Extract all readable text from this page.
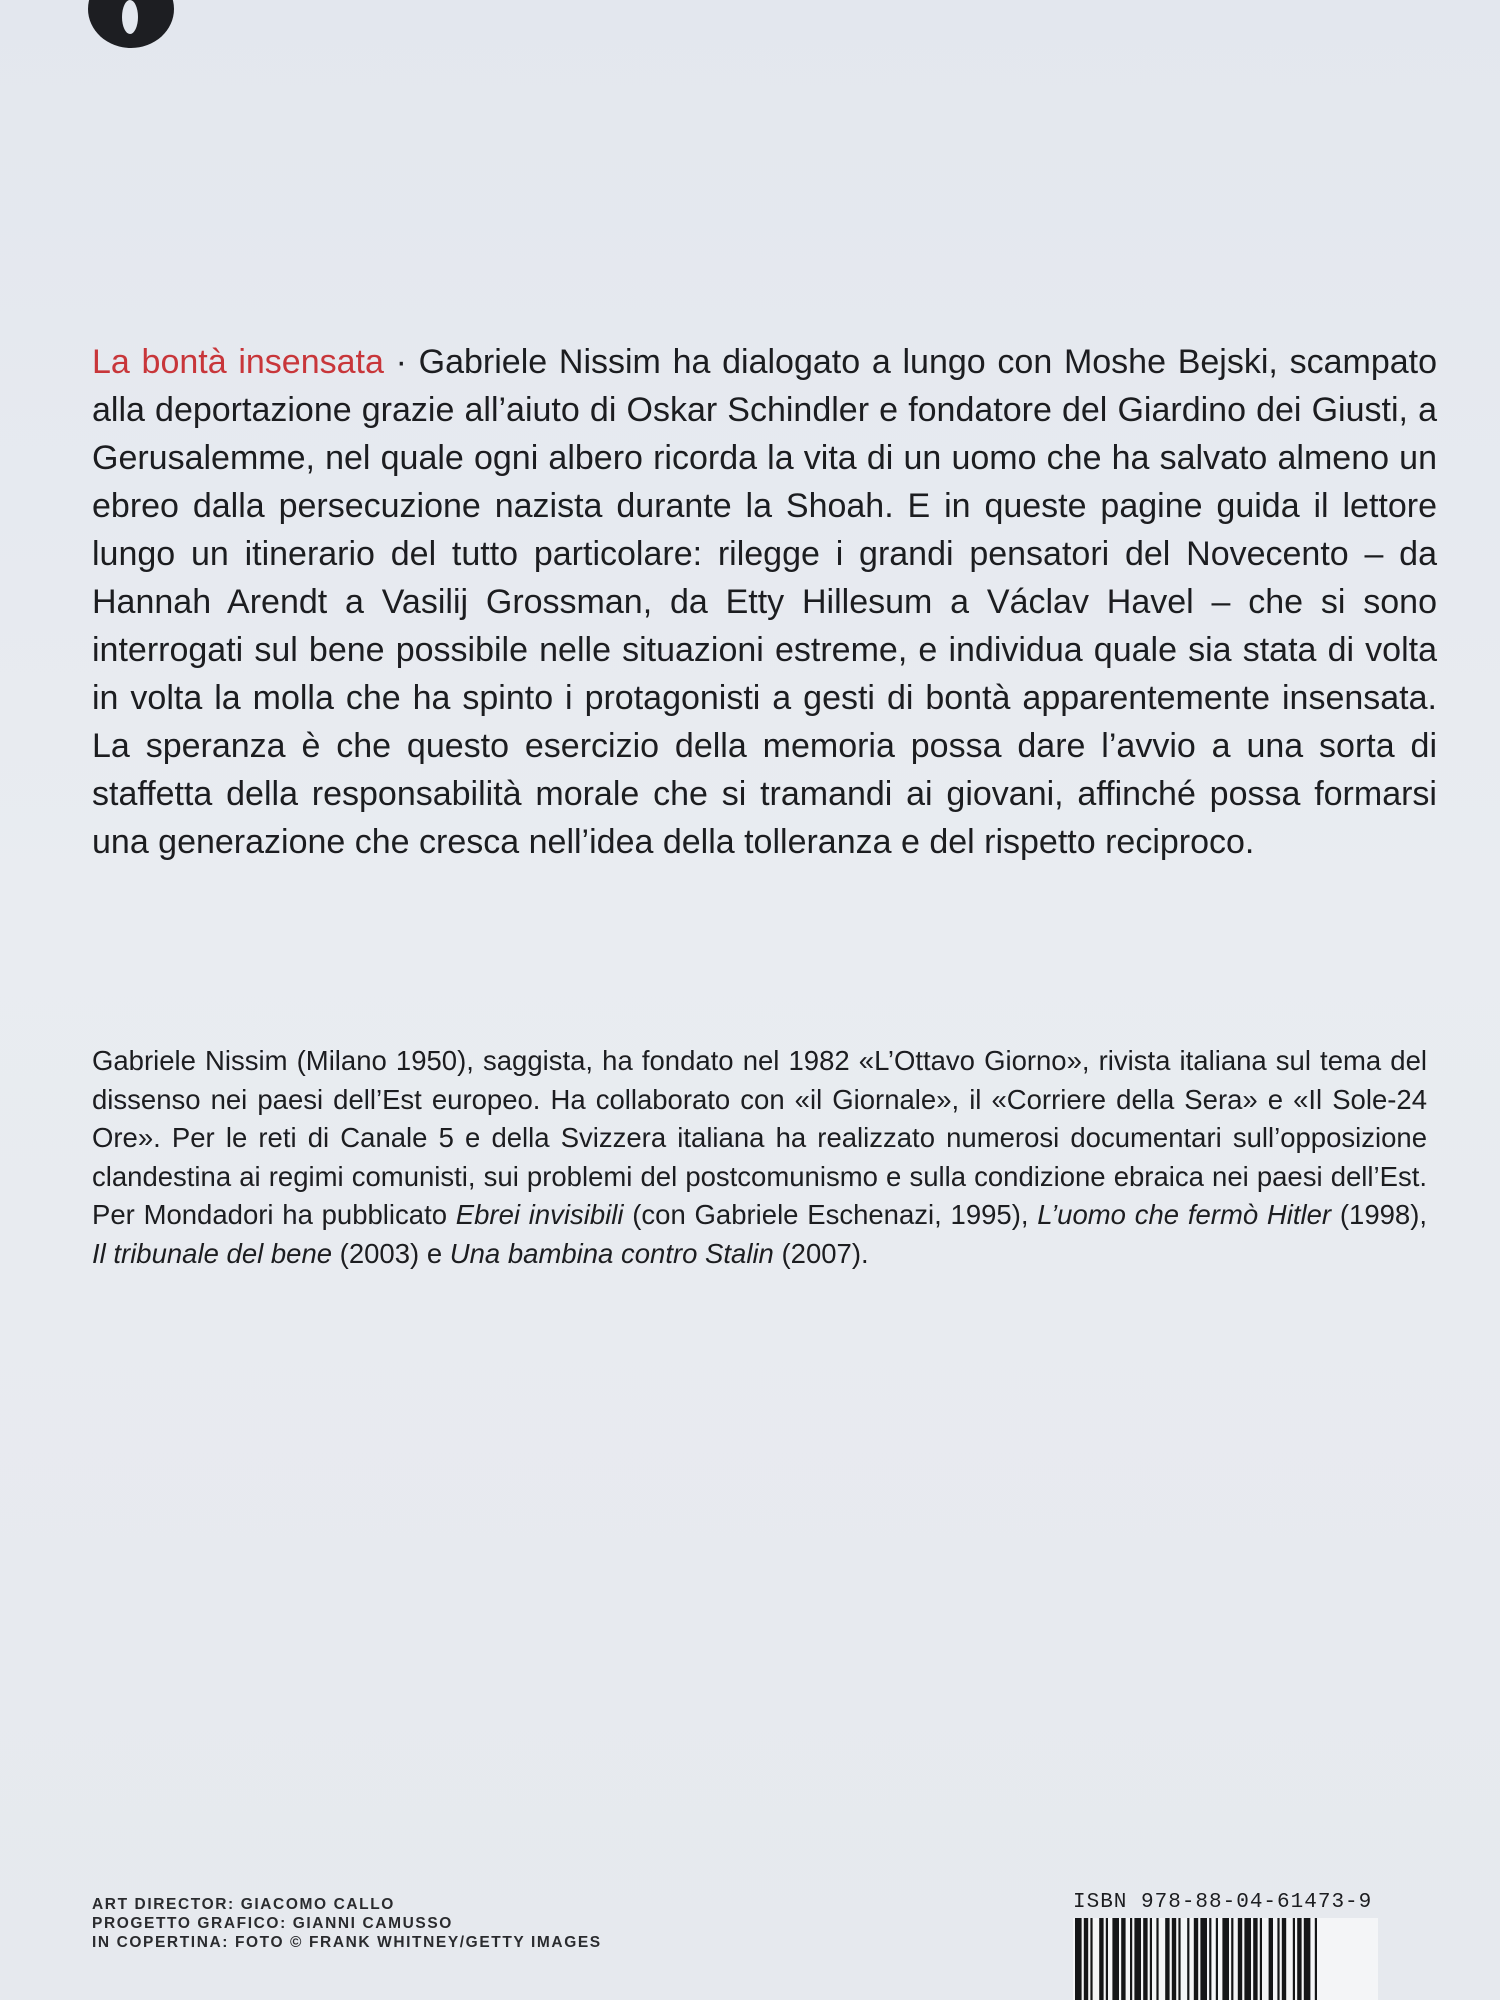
La bontà insensata · Gabriele Nissim ha dialogato a lungo con Moshe Bejski, scampato alla deportazione grazie all’aiuto di Oskar Schindler e fondatore del Giardino dei Giusti, a Gerusalemme, nel quale ogni albero ricorda la vita di un uomo che ha salvato almeno un ebreo dalla persecuzione nazista durante la Shoah. E in queste pagine guida il lettore lungo un itinerario del tutto particolare: rilegge i grandi pensatori del Novecento – da Hannah Arendt a Vasilij Grossman, da Etty Hillesum a Václav Havel – che si sono interrogati sul bene possibile nelle situazioni estreme, e individua quale sia stata di volta in volta la molla che ha spinto i protagonisti a gesti di bontà apparentemente insensata. La speranza è che questo esercizio della memoria possa dare l’avvio a una sorta di staffetta della responsabilità morale che si tramandi ai giovani, affinché possa formarsi una generazione che cresca nell’idea della tolleranza e del rispetto reciproco.

Gabriele Nissim (Milano 1950), saggista, ha fondato nel 1982 «L’Ottavo Giorno», rivista italiana sul tema del dissenso nei paesi dell’Est europeo. Ha collaborato con «il Giornale», il «Corriere della Sera» e «Il Sole-24 Ore». Per le reti di Canale 5 e della Svizzera italiana ha realizzato numerosi documentari sull’opposizione clandestina ai regimi comunisti, sui problemi del postcomunismo e sulla condizione ebraica nei paesi dell’Est. Per Mondadori ha pubblicato Ebrei invisibili (con Gabriele Eschenazi, 1995), L’uomo che fermò Hitler (1998), Il tribunale del bene (2003) e Una bambina contro Stalin (2007).

ART DIRECTOR: GIACOMO CALLO
PROGETTO GRAFICO: GIANNI CAMUSSO
IN COPERTINA: FOTO © FRANK WHITNEY/GETTY IMAGES
ISBN 978-88-04-61473-9
